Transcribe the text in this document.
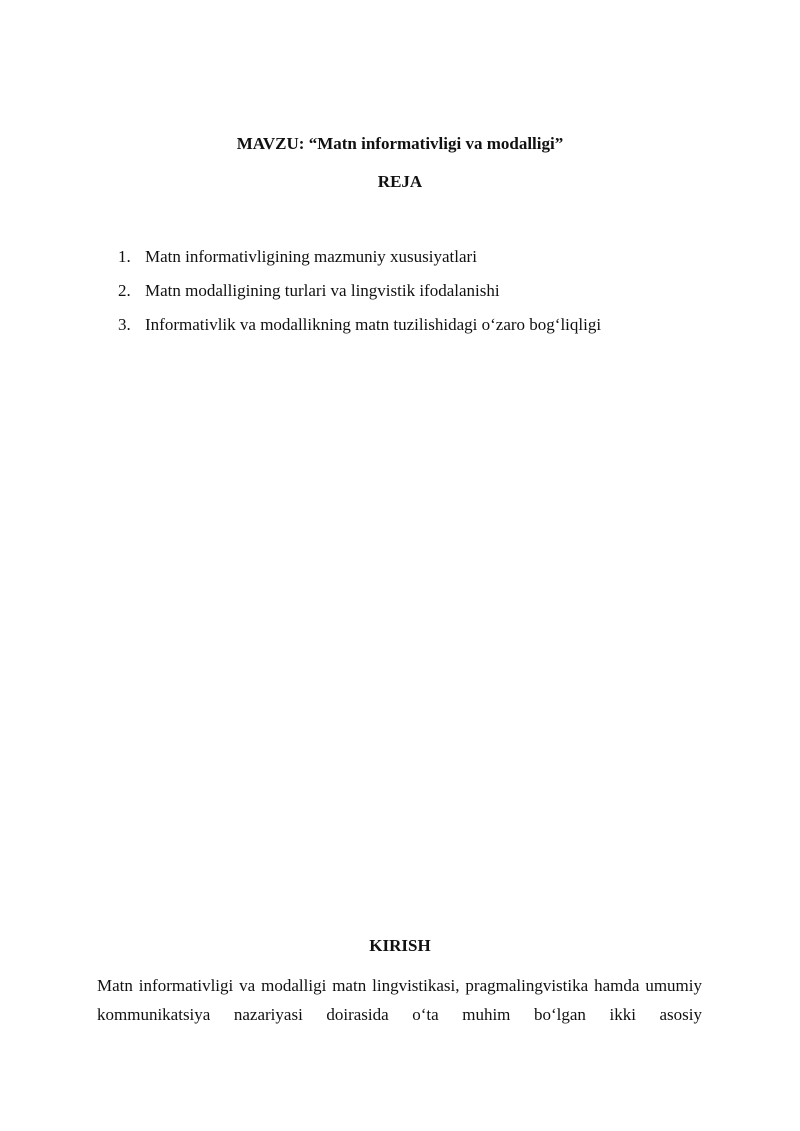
MAVZU: “Matn informativligi va modalligi”
REJA
1. Matn informativligining mazmuniy xususiyatlari
2. Matn modalligining turlari va lingvistik ifodalanishi
3. Informativlik va modallikning matn tuzilishidagi o‘zaro bog‘liqligi
KIRISH

Matn informativligi va modalligi matn lingvistikasi, pragmalingvistika hamda umumiy kommunikatsiya nazariyasi doirasida o‘ta muhim bo‘lgan ikki asosiy
